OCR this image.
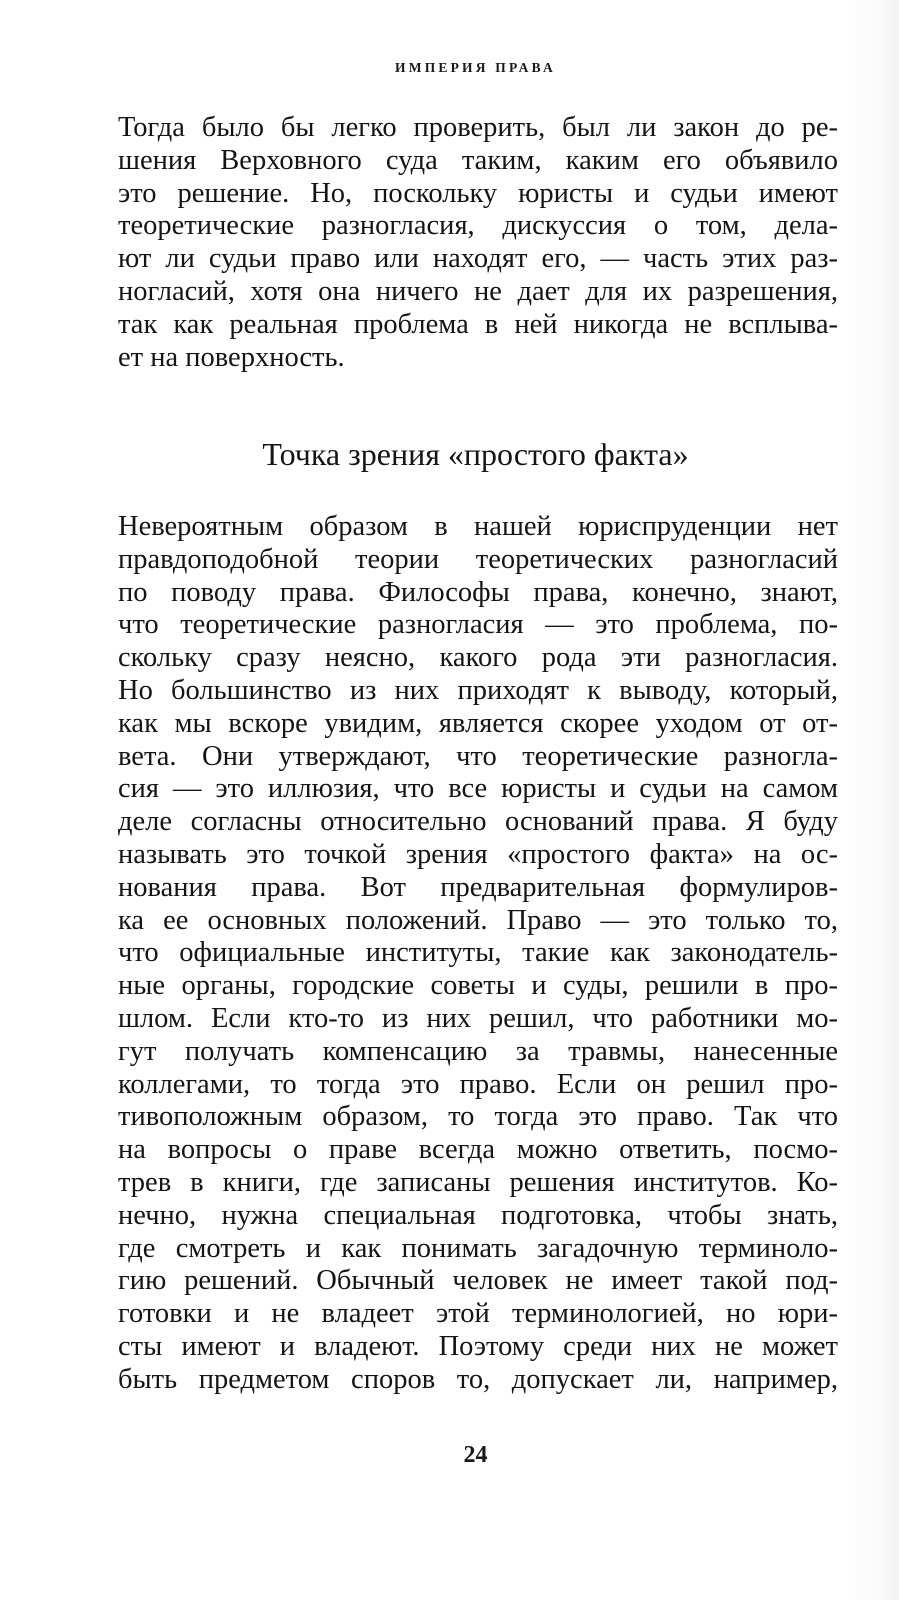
ИМПЕРИЯ ПРАВА
Тогда было бы легко проверить, был ли закон до ре-
шения Верховного суда таким, каким его объявило
это решение. Но, поскольку юристы и судьи имеют
теоретические разногласия, дискуссия о том, дела-
ют ли судьи право или находят его, — часть этих раз-
ногласий, хотя она ничего не дает для их разрешения,
так как реальная проблема в ней никогда не всплыва-
ет на поверхность.
Точка зрения «простого факта»
Невероятным образом в нашей юриспруденции нет
правдоподобной теории теоретических разногласий
по поводу права. Философы права, конечно, знают,
что теоретические разногласия — это проблема, по-
скольку сразу неясно, какого рода эти разногласия.
Но большинство из них приходят к выводу, который,
как мы вскоре увидим, является скорее уходом от от-
вета. Они утверждают, что теоретические разногла-
сия — это иллюзия, что все юристы и судьи на самом
деле согласны относительно оснований права. Я буду
называть это точкой зрения «простого факта» на ос-
нования права. Вот предварительная формулиров-
ка ее основных положений. Право — это только то,
что официальные институты, такие как законодатель-
ные органы, городские советы и суды, решили в про-
шлом. Если кто-то из них решил, что работники мо-
гут получать компенсацию за травмы, нанесенные
коллегами, то тогда это право. Если он решил про-
тивоположным образом, то тогда это право. Так что
на вопросы о праве всегда можно ответить, посмо-
трев в книги, где записаны решения институтов. Ко-
нечно, нужна специальная подготовка, чтобы знать,
где смотреть и как понимать загадочную терминоло-
гию решений. Обычный человек не имеет такой под-
готовки и не владеет этой терминологией, но юри-
сты имеют и владеют. Поэтому среди них не может
быть предметом споров то, допускает ли, например,
24
